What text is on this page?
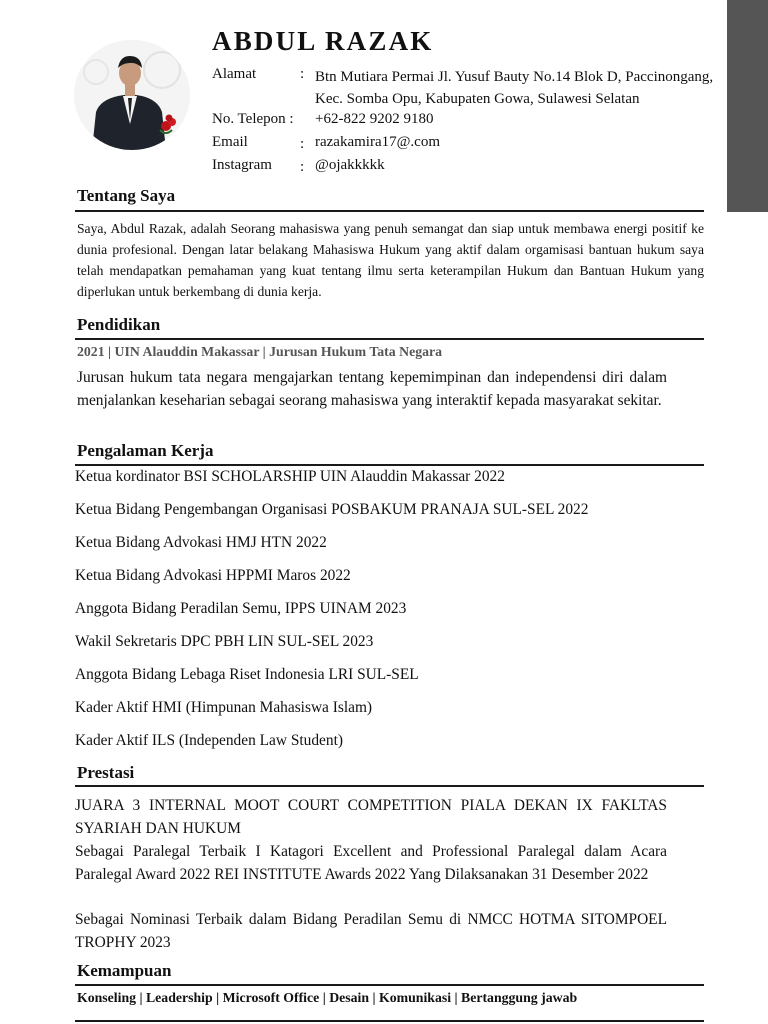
ABDUL RAZAK
Alamat	: Btn Mutiara Permai Jl. Yusuf Bauty No.14 Blok D, Paccinongang,
Kec. Somba Opu, Kabupaten Gowa, Sulawesi Selatan
No. Telepon : +62-822 9202 9180
Email	: razakamira17@.com
Instagram : @ojakkkkk
Tentang Saya
Saya, Abdul Razak, adalah Seorang mahasiswa yang penuh semangat dan siap untuk membawa energi positif ke dunia profesional. Dengan latar belakang Mahasiswa Hukum yang aktif dalam orgamisasi bantuan hukum saya telah mendapatkan pemahaman yang kuat tentang ilmu serta keterampilan Hukum dan Bantuan Hukum yang diperlukan untuk berkembang di dunia kerja.
Pendidikan
2021 | UIN Alauddin Makassar | Jurusan Hukum Tata Negara
Jurusan hukum tata negara mengajarkan tentang kepemimpinan dan independensi diri dalam menjalankan keseharian sebagai seorang mahasiswa yang interaktif kepada masyarakat sekitar.
Pengalaman Kerja
Ketua kordinator BSI SCHOLARSHIP UIN Alauddin Makassar 2022
Ketua Bidang Pengembangan Organisasi POSBAKUM PRANAJA SUL-SEL 2022
Ketua Bidang Advokasi HMJ HTN 2022
Ketua Bidang Advokasi HPPMI Maros 2022
Anggota Bidang Peradilan Semu, IPPS UINAM 2023
Wakil Sekretaris DPC PBH LIN SUL-SEL 2023
Anggota Bidang Lebaga Riset Indonesia LRI SUL-SEL
Kader Aktif HMI (Himpunan Mahasiswa Islam)
Kader Aktif ILS (Independen Law Student)
Prestasi
JUARA 3 INTERNAL MOOT COURT COMPETITION PIALA DEKAN IX FAKLTAS SYARIAH DAN HUKUM
Sebagai Paralegal Terbaik I Katagori Excellent and Professional Paralegal dalam Acara Paralegal Award 2022 REI INSTITUTE Awards 2022 Yang Dilaksanakan 31 Desember 2022
Sebagai Nominasi Terbaik dalam Bidang Peradilan Semu di NMCC HOTMA SITOMPOEL TROPHY 2023
Kemampuan
Konseling | Leadership | Microsoft Office | Desain | Komunikasi | Bertanggung jawab
